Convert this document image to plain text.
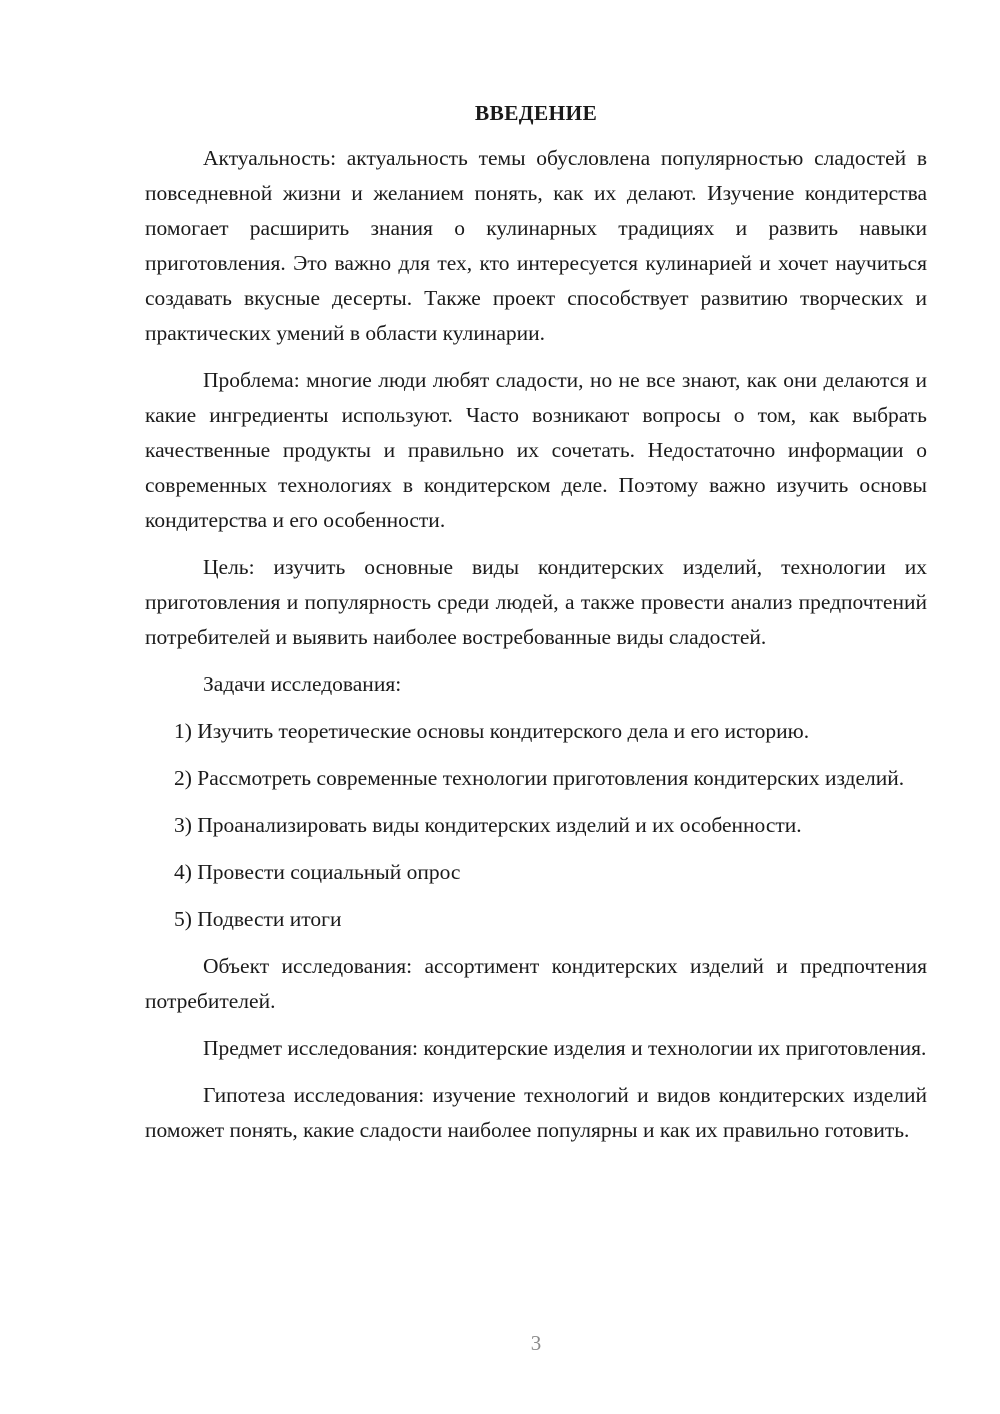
ВВЕДЕНИЕ

Актуальность: актуальность темы обусловлена популярностью сладостей в повседневной жизни и желанием понять, как их делают. Изучение кондитерства помогает расширить знания о кулинарных традициях и развить навыки приготовления. Это важно для тех, кто интересуется кулинарией и хочет научиться создавать вкусные десерты. Также проект способствует развитию творческих и практических умений в области кулинарии.

Проблема: многие люди любят сладости, но не все знают, как они делаются и какие ингредиенты используют. Часто возникают вопросы о том, как выбрать качественные продукты и правильно их сочетать. Недостаточно информации о современных технологиях в кондитерском деле. Поэтому важно изучить основы кондитерства и его особенности.

Цель: изучить основные виды кондитерских изделий, технологии их приготовления и популярность среди людей, а также провести анализ предпочтений потребителей и выявить наиболее востребованные виды сладостей.

Задачи исследования:

1) Изучить теоретические основы кондитерского дела и его историю.

2) Рассмотреть современные технологии приготовления кондитерских изделий.

3) Проанализировать виды кондитерских изделий и их особенности.

4) Провести социальный опрос

5) Подвести итоги

Объект исследования: ассортимент кондитерских изделий и предпочтения потребителей.

Предмет исследования: кондитерские изделия и технологии их приготовления.

Гипотеза исследования: изучение технологий и видов кондитерских изделий поможет понять, какие сладости наиболее популярны и как их правильно готовить.

3
